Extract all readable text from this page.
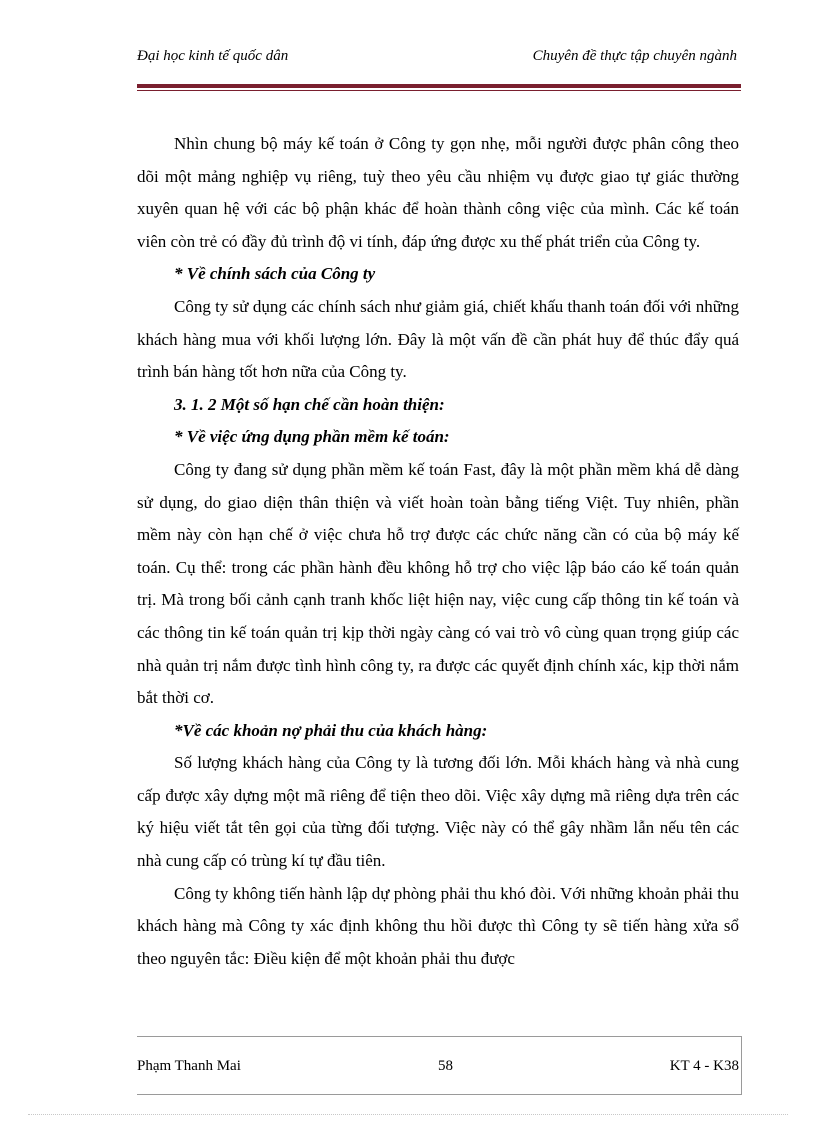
Đại học kinh tế quốc dân	Chuyên đề thực tập chuyên ngành

Nhìn chung bộ máy kế toán ở Công ty gọn nhẹ, mỗi người được phân công theo dõi một mảng nghiệp vụ riêng, tuỳ theo yêu cầu nhiệm vụ được giao tự giác thường xuyên quan hệ với các bộ phận khác để hoàn thành công việc của mình. Các kế toán viên còn trẻ có đầy đủ trình độ vi tính, đáp ứng được xu thế phát triển của Công ty.

* Về chính sách của Công ty

Công ty sử dụng các chính sách như giảm giá, chiết khấu thanh toán đối với những khách hàng mua với khối lượng lớn. Đây là một vấn đề cần phát huy để thúc đẩy quá trình bán hàng tốt hơn nữa của Công ty.

3. 1. 2 Một số hạn chế cần hoàn thiện:

* Về việc ứng dụng phần mềm kế toán:

Công ty đang sử dụng phần mềm kế toán Fast, đây là một phần mềm khá dễ dàng sử dụng, do giao diện thân thiện và viết hoàn toàn bằng tiếng Việt. Tuy nhiên, phần mềm này còn hạn chế ở việc chưa hỗ trợ được các chức năng cần có của bộ máy kế toán. Cụ thể: trong các phần hành đều không hỗ trợ cho việc lập báo cáo kế toán quản trị. Mà trong bối cảnh cạnh tranh khốc liệt hiện nay, việc cung cấp thông tin kế toán và các thông tin kế toán quản trị kịp thời ngày càng có vai trò vô cùng quan trọng giúp các nhà quản trị nắm được tình hình công ty, ra được các quyết định chính xác, kịp thời nắm bắt thời cơ.

*Về các khoản nợ phải thu của khách hàng:

Số lượng khách hàng của Công ty là tương đối lớn. Mỗi khách hàng và nhà cung cấp được xây dựng một mã riêng để tiện theo dõi. Việc xây dựng mã riêng dựa trên các ký hiệu viết tắt tên gọi của từng đối tượng. Việc này có thể gây nhầm lẫn nếu tên các nhà cung cấp có trùng kí tự đầu tiên.

Công ty không tiến hành lập dự phòng phải thu khó đòi. Với những khoản phải thu khách hàng mà Công ty xác định không thu hồi được thì Công ty sẽ tiến hàng xửa sổ theo nguyên tắc: Điều kiện để một khoản phải thu được

Phạm Thanh Mai	58	KT 4 - K38
